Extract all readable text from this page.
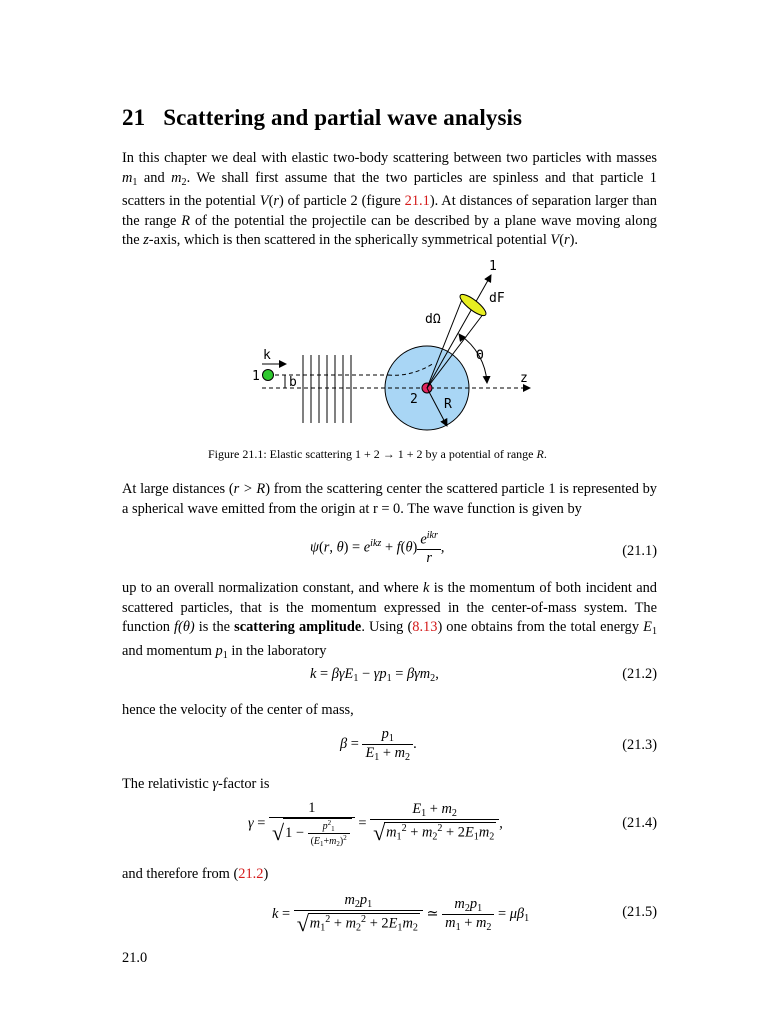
21 Scattering and partial wave analysis

In this chapter we deal with elastic two-body scattering between two particles with masses $m_1$ and $m_2$. We shall first assume that the two particles are spinless and that particle 1 scatters in the potential V(r) of particle 2 (figure 21.1). At distances of separation larger than the range R of the potential the projectile can be described by a plane wave moving along the z-axis, which is then scattered in the spherically symmetrical potential V(r).

1
dF
dΩ
k	Θ
1 b	z
2 R
Figure 21.1: Elastic scattering 1 + 2 → 1 + 2 by a potential of range R.

At large distances (r > R) from the scattering center the scattered particle 1 is represented by a spherical wave emitted from the origin at r = 0. The wave function is given by

ψ(r, $\theta) = e^{ikz} + f(\theta) \frac{e^{ikr}}{r}$ ,	(21.1)

up to an overall normalization constant, and where k is the momentum of both incident and scattered particles, that is the momentum expressed in the center-of-mass system. The function f(θ) is the scattering amplitude. Using (8.13) one obtains from the total energy $E_1$ and momentum $p_1$ in the laboratory

$k = \beta\gamma E_1 - \gamma p_1 = \beta\gamma m_2$,	(21.2)

hence the velocity of the center of mass,

$\beta = \frac{p_1}{E_1 + m_2}$ .	(21.3)

The relativistic γ-factor is

$\gamma = \frac{1}{√1 - \frac{p^2_1}{(E_1+m_2)^2}} = \frac{E_1 + m_2}{√m_1^2 + m_2^2 + 2E_1m_2}$ ,	(21.4)

and therefore from (21.2)

$k = \frac{m_2p_1}{√m_1^2 + m_2^2 + 2E_1m_2}$ ≃ $\frac{m_2p_1}{m_1 + m_2} = \mu\beta_1$	(21.5)
21.0
